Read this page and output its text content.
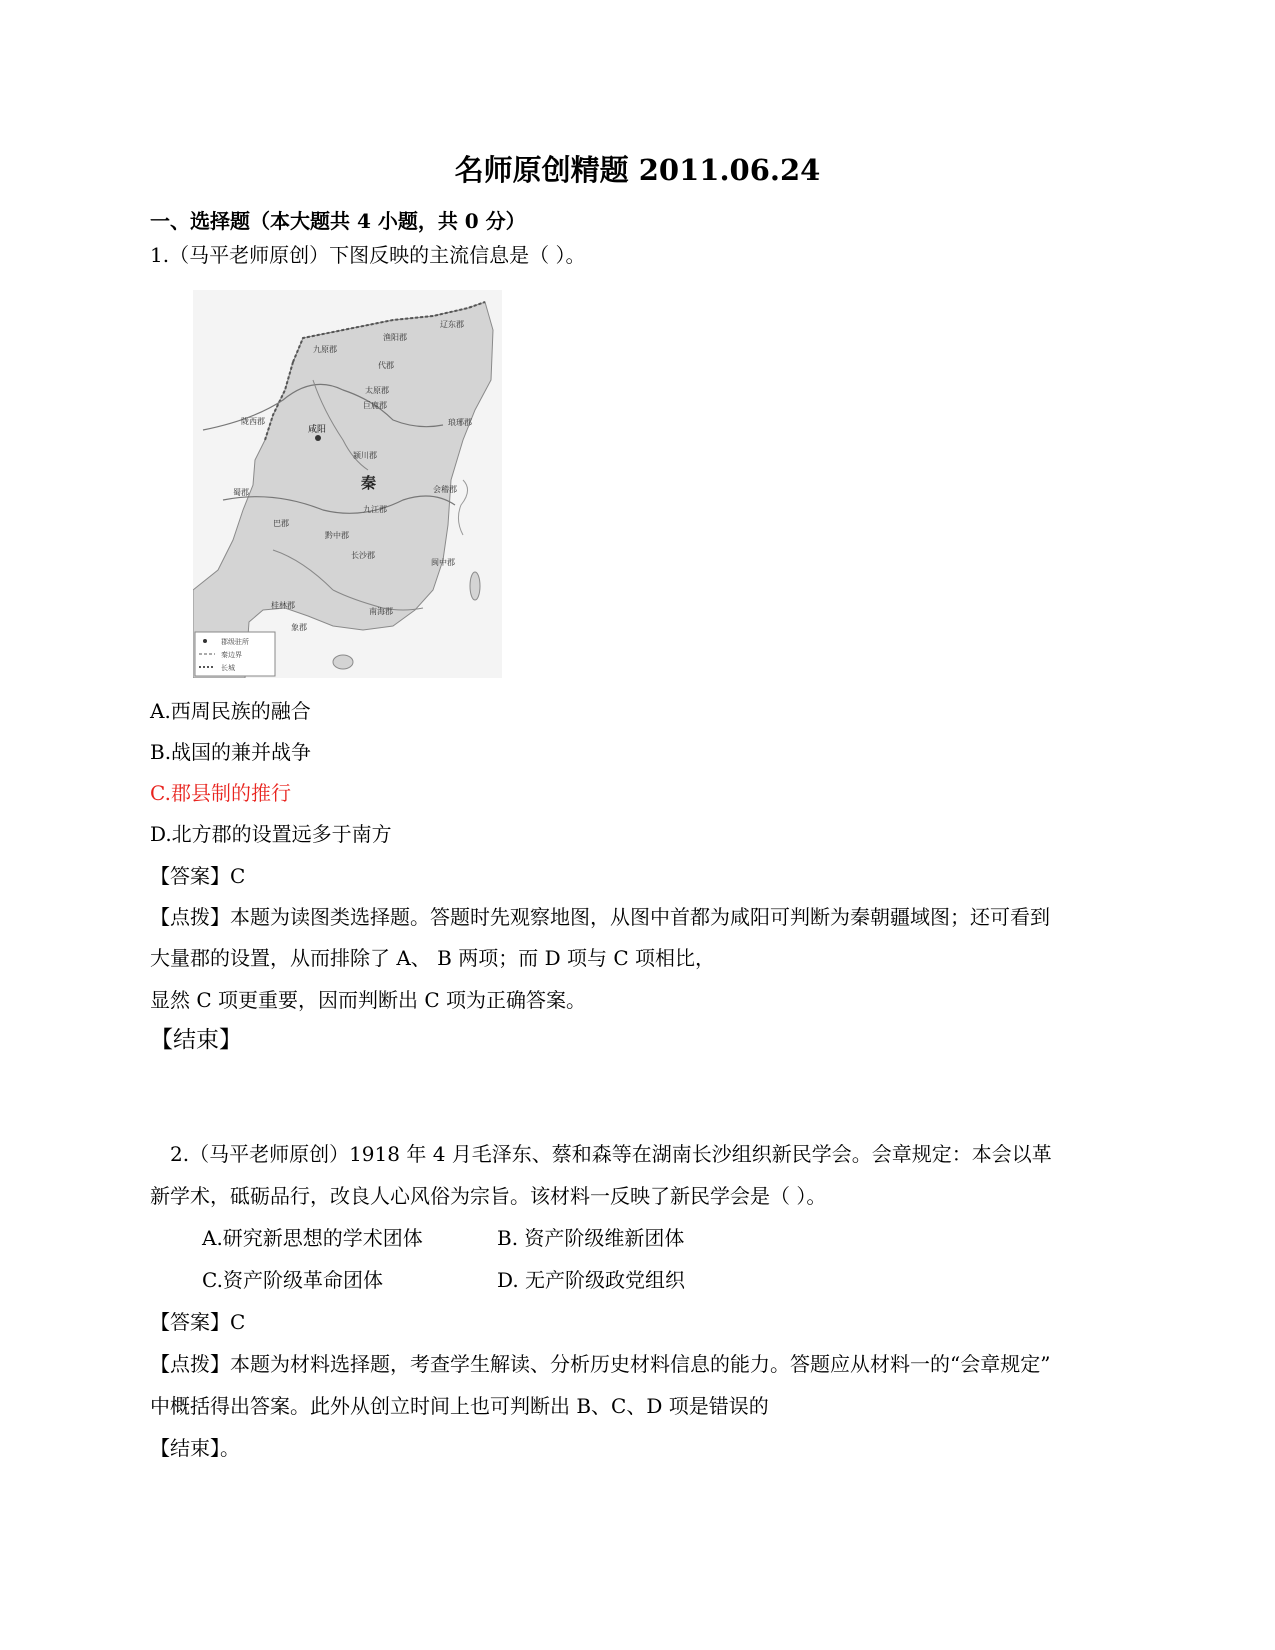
名师原创精题 2011.06.24
一、选择题（本大题共 4 小题，共 0 分）
1.（马平老师原创）下图反映的主流信息是（ ）。
辽东郡
渔阳郡
九原郡
代郡
太原郡
巨鹿郡
琅琊郡
陇西郡
咸阳
颍川郡
秦	会稽郡
蜀郡
九江郡
巴郡
长沙郡
黔中郡
闽中郡
桂林郡
南海郡
象郡
郡级驻所
秦边界
长城
A.西周民族的融合
B.战国的兼并战争
C.郡县制的推行
D.北方郡的设置远多于南方
【答案】C
【点拨】本题为读图类选择题。答题时先观察地图，从图中首都为咸阳可判断为秦朝疆域图；还可看到
大量郡的设置，从而排除了 A、 B 两项；而 D 项与 C 项相比，
显然 C 项更重要，因而判断出 C 项为正确答案。
【结束】
2.（马平老师原创）1918 年 4 月毛泽东、蔡和森等在湖南长沙组织新民学会。会章规定：本会以革
新学术，砥砺品行，改良人心风俗为宗旨。该材料一反映了新民学会是（ ）。
A.研究新思想的学术团体	B. 资产阶级维新团体
C.资产阶级革命团体	D. 无产阶级政党组织
【答案】C
【点拨】本题为材料选择题，考查学生解读、分析历史材料信息的能力。答题应从材料一的“会章规定”
中概括得出答案。此外从创立时间上也可判断出 B、C、D 项是错误的
【结束】。
